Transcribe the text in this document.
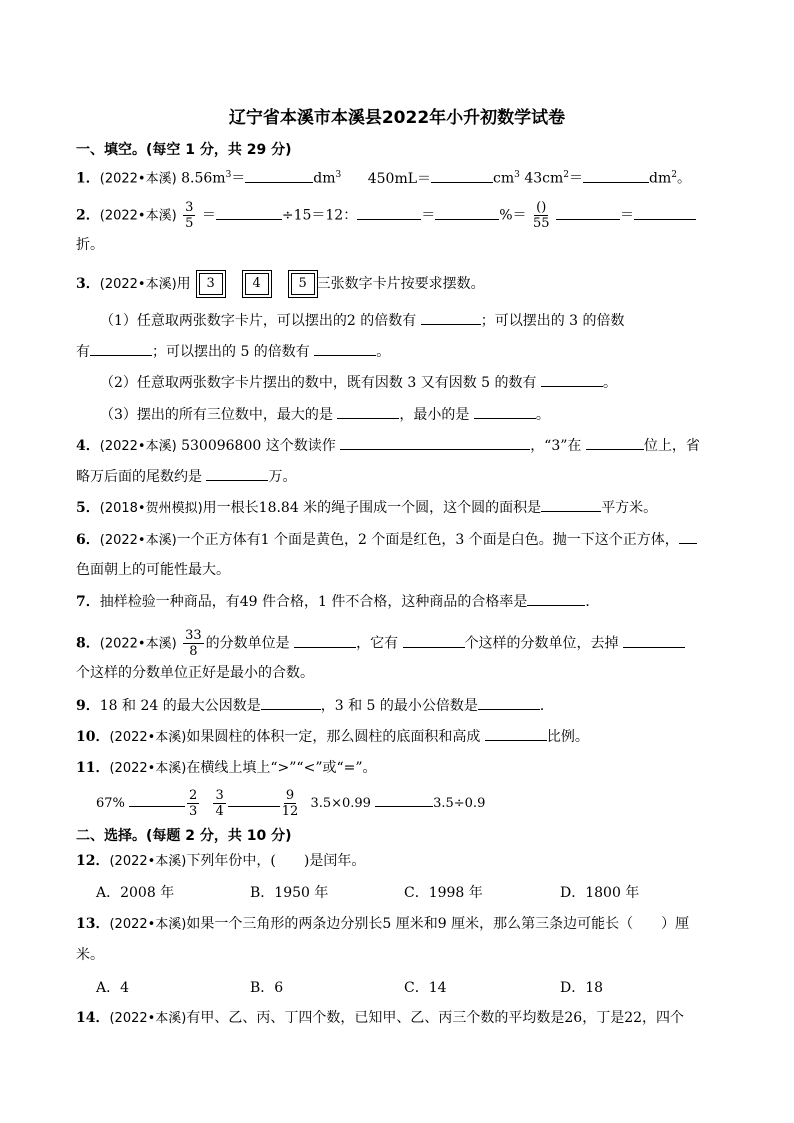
辽宁省本溪市本溪县2022年小升初数学试卷
一、填空。(每空 1 分，共 29 分)
1．(2022•本溪) $8.56m^3=$	$dm^3$ 450mL＝	$cm^3$ $43cm^2=$	$dm^2$。
2．(2022•本溪) $\frac{3}{5}$ ＝	÷15＝12：	＝	%＝ $\frac{()}{55}$	＝
折。
3．(2022•本溪)用 3	4	5 三张数字卡片按要求摆数。
（1）任意取两张数字卡片，可以摆出的2 的倍数有	；可以摆出的 3 的倍数
有	；可以摆出的 5 的倍数有	。
（2）任意取两张数字卡片摆出的数中，既有因数 3 又有因数 5 的数有	。
（3）摆出的所有三位数中，最大的是	，最小的是	。
4．(2022•本溪) 530096800 这个数读作	，“3”在	位上，省
略万后面的尾数约是	万。
5．(2018•贺州模拟)用一根长18.84 米的绳子围成一个圆，这个圆的面积是	平方米。
6．(2022•本溪)一个正方体有1 个面是黄色，2 个面是红色，3 个面是白色。抛一下这个正方体，
色面朝上的可能性最大。
7．抽样检验一种商品，有49 件合格，1 件不合格，这种商品的合格率是	．
8．(2022•本溪) $\frac{33}{8}$ 的分数单位是	，它有	个这样的分数单位，去掉
个这样的分数单位正好是最小的合数。
9．18 和 24 的最大公因数是	，3 和 5 的最小公倍数是	．
10．(2022•本溪)如果圆柱的体积一定，那么圆柱的底面积和高成	比例。
11．(2022•本溪)在横线上填上“>”“<”或“=”。
67%	$\frac{2}{3}$
$\frac{3}{4}$	$\frac{9}{12} 3.5\times 0.99$	3.5÷0.9
二、选择。(每题 2 分，共 10 分)
12．(2022•本溪)下列年份中，(　　)是闰年。
A．2008 年	B．1950 年	C．1998 年	D．1800 年
13．(2022•本溪)如果一个三角形的两条边分别长5 厘米和9 厘米，那么第三条边可能长（　　）厘
米。
A．4	B．6	C．14	D．18
14．(2022•本溪)有甲、乙、丙、丁四个数，已知甲、乙、丙三个数的平均数是26，丁是22，四个
